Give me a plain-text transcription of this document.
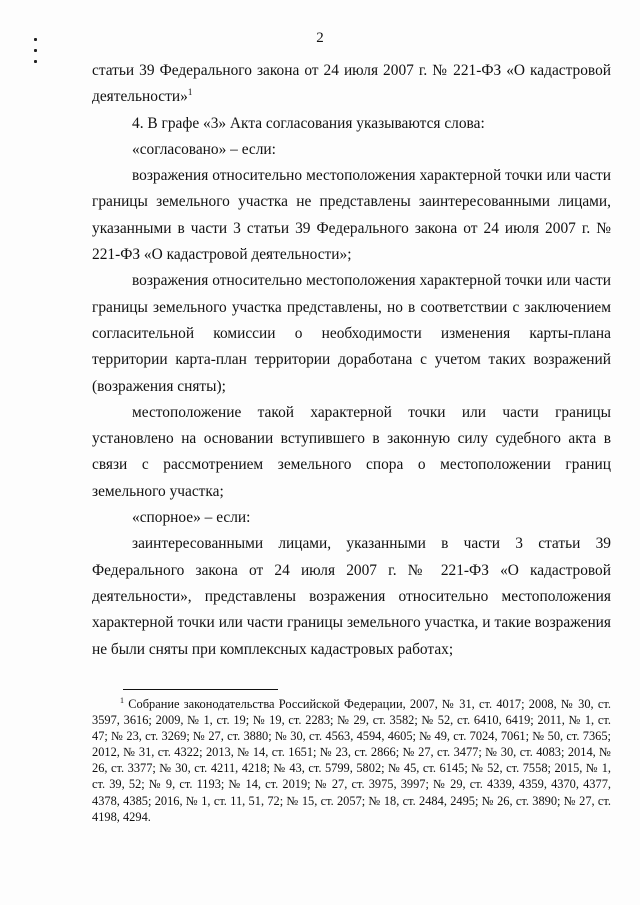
2

статьи 39 Федерального закона от 24 июля 2007 г. № 221-ФЗ «О кадастровой деятельности»$^1$

4. В графе «3» Акта согласования указываются слова:

«согласовано» – если:

возражения относительно местоположения характерной точки или части границы земельного участка не представлены заинтересованными лицами, указанными в части 3 статьи 39 Федерального закона от 24 июля 2007 г. № 221-ФЗ «О кадастровой деятельности»;

возражения относительно местоположения характерной точки или части границы земельного участка представлены, но в соответствии с заключением согласительной комиссии о необходимости изменения карты-плана территории карта-план территории доработана с учетом таких возражений (возражения сняты);

местоположение такой характерной точки или части границы установлено на основании вступившего в законную силу судебного акта в связи с рассмотрением земельного спора о местоположении границ земельного участка;

«спорное» – если:

заинтересованными лицами, указанными в части 3 статьи 39 Федерального закона от 24 июля 2007 г. № 221-ФЗ «О кадастровой деятельности», представлены возражения относительно местоположения характерной точки или части границы земельного участка, и такие возражения не были сняты при комплексных кадастровых работах;

$^1$ Собрание законодательства Российской Федерации, 2007, № 31, ст. 4017; 2008, № 30, ст. 3597, 3616; 2009, № 1, ст. 19; № 19, ст. 2283; № 29, ст. 3582; № 52, ст. 6410, 6419; 2011, № 1, ст. 47; № 23, ст. 3269; № 27, ст. 3880; № 30, ст. 4563, 4594, 4605; № 49, ст. 7024, 7061; № 50, ст. 7365; 2012, № 31, ст. 4322; 2013, № 14, ст. 1651; № 23, ст. 2866; № 27, ст. 3477; № 30, ст. 4083; 2014, № 26, ст. 3377; № 30, ст. 4211, 4218; № 43, ст. 5799, 5802; № 45, ст. 6145; № 52, ст. 7558; 2015, № 1, ст. 39, 52; № 9, ст. 1193; № 14, ст. 2019; № 27, ст. 3975, 3997; № 29, ст. 4339, 4359, 4370, 4377, 4378, 4385; 2016, № 1, ст. 11, 51, 72; № 15, ст. 2057; № 18, ст. 2484, 2495; № 26, ст. 3890; № 27, ст. 4198, 4294.
